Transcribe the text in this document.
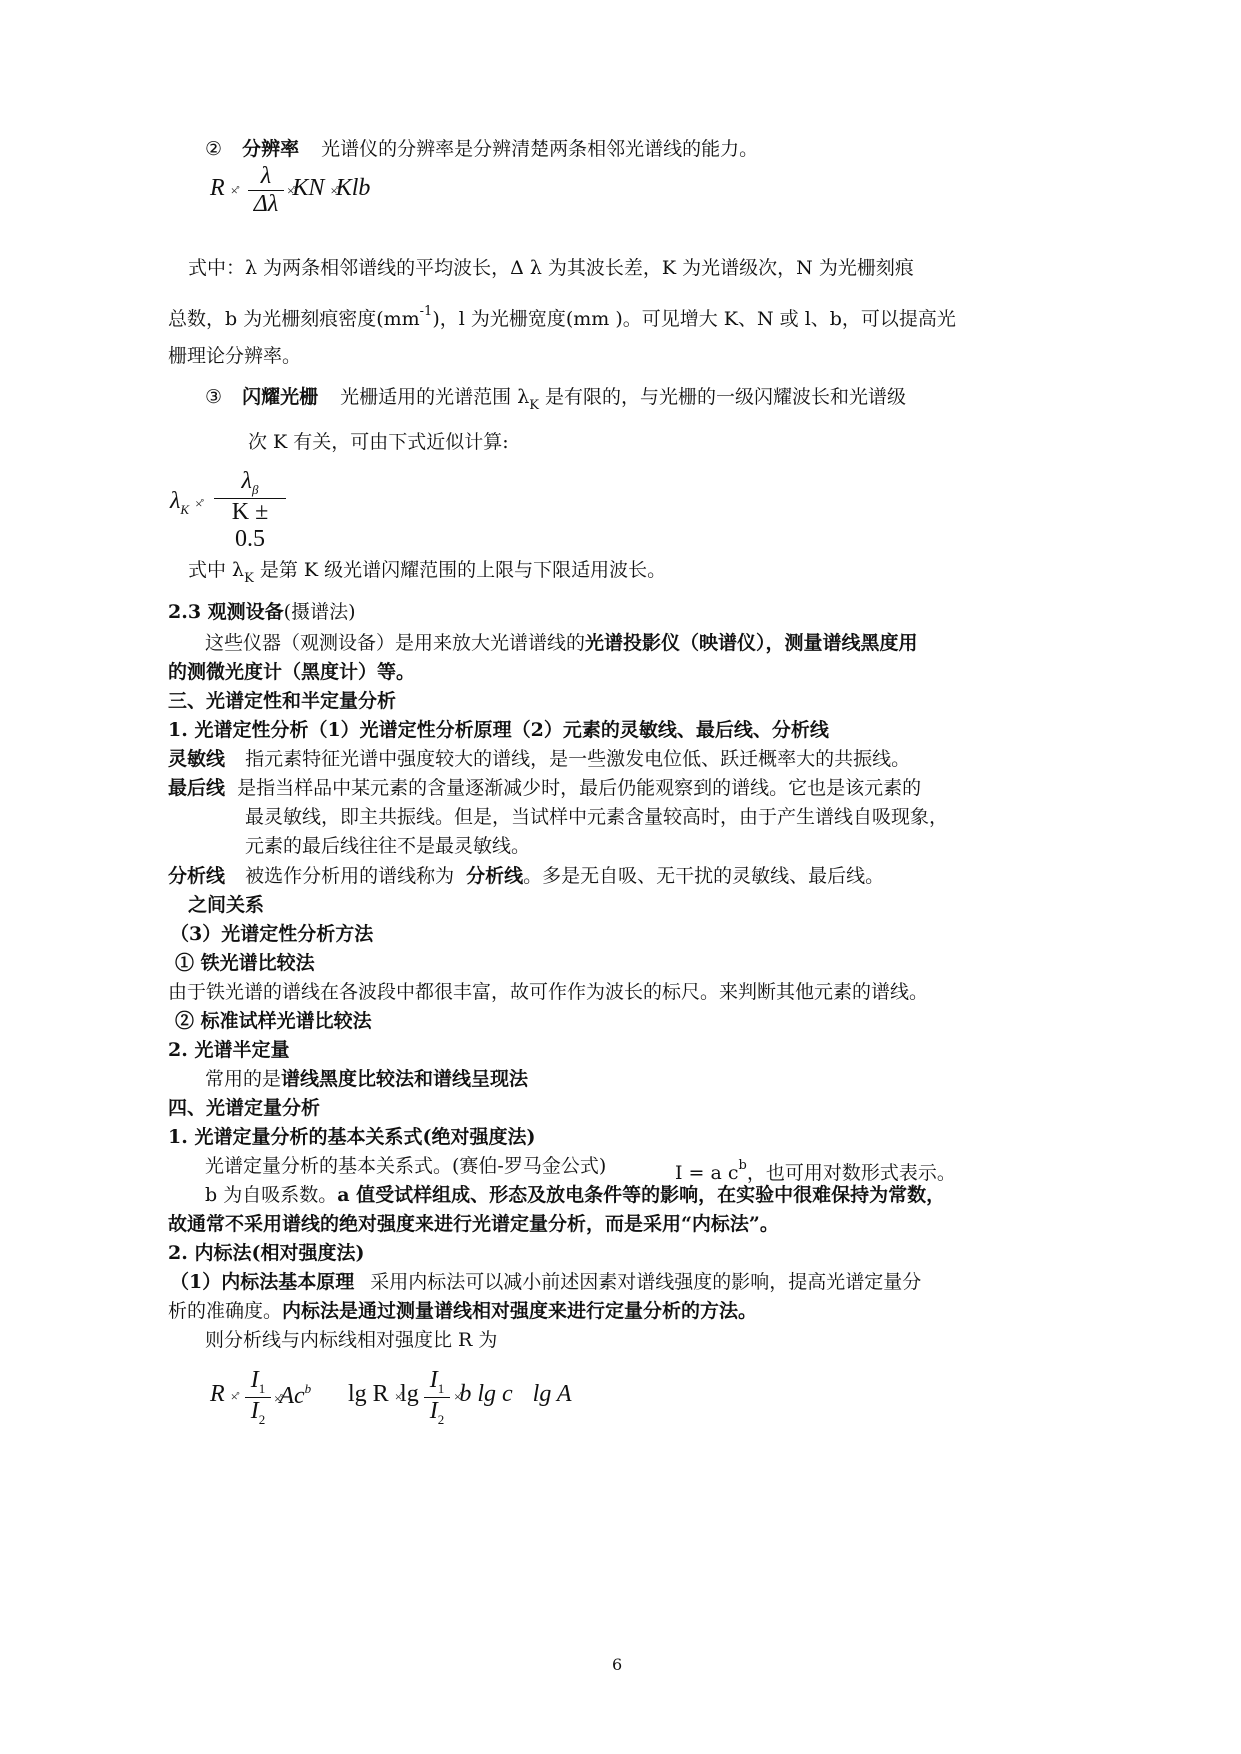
② 分辨率 光谱仪的分辨率是分辨清楚两条相邻光谱线的能力。
R ×̊ $\frac{\lambda}{\Delta\lambda}$ ×̊KN ×̊Klb
式中：λ 为两条相邻谱线的平均波长，Δ λ 为其波长差，K 为光谱级次，N 为光栅刻痕
总数，b 为光栅刻痕密度$(mm^{-1})$，l 为光栅宽度(mm )。可见增大 K、N 或 l、b，可以提高光
栅理论分辨率。
③ 闪耀光栅 光栅适用的光谱范围 $\lambda_K$ 是有限的，与光栅的一级闪耀波长和光谱级
次 K 有关，可由下式近似计算:
$\lambda_K$ ×̊ $\frac{\lambda_\beta}{K \pm 0.5}$
式中 $\lambda_K$ 是第 K 级光谱闪耀范围的上限与下限适用波长。
2.3 观测设备(摄谱法)
这些仪器（观测设备）是用来放大光谱谱线的光谱投影仪（映谱仪），测量谱线黑度用
的测微光度计（黑度计）等。
三、光谱定性和半定量分析
1. 光谱定性分析（1）光谱定性分析原理（2）元素的灵敏线、最后线、分析线
灵敏线 指元素特征光谱中强度较大的谱线，是一些激发电位低、跃迁概率大的共振线。
最后线 是指当样品中某元素的含量逐渐减少时，最后仍能观察到的谱线。它也是该元素的
最灵敏线，即主共振线。但是，当试样中元素含量较高时，由于产生谱线自吸现象，
元素的最后线往往不是最灵敏线。
分析线 被选作分析用的谱线称为 分析线。多是无自吸、无干扰的灵敏线、最后线。
之间关系
（3）光谱定性分析方法
① 铁光谱比较法
由于铁光谱的谱线在各波段中都很丰富，故可作作为波长的标尺。来判断其他元素的谱线。
② 标准试样光谱比较法
2. 光谱半定量
常用的是谱线黑度比较法和谱线呈现法
四、光谱定量分析
1. 光谱定量分析的基本关系式(绝对强度法)
光谱定量分析的基本关系式。(赛伯-罗马金公式)	I = a $c^b$，也可用对数形式表示。
b 为自吸系数。a 值受试样组成、形态及放电条件等的影响，在实验中很难保持为常数，
故通常不采用谱线的绝对强度来进行光谱定量分析，而是采用“内标法”。
2. 内标法(相对强度法)
（1）内标法基本原理 采用内标法可以减小前述因素对谱线强度的影响，提高光谱定量分
析的准确度。内标法是通过测量谱线相对强度来进行定量分析的方法。
则分析线与内标线相对强度比 R 为
R ×̊ $\frac{I_1}{I_2}$ $\times̊Ac^b$ lg R ×̊lg $\frac{I_1}{I_2}$ ×̊b lg c lg A
6
